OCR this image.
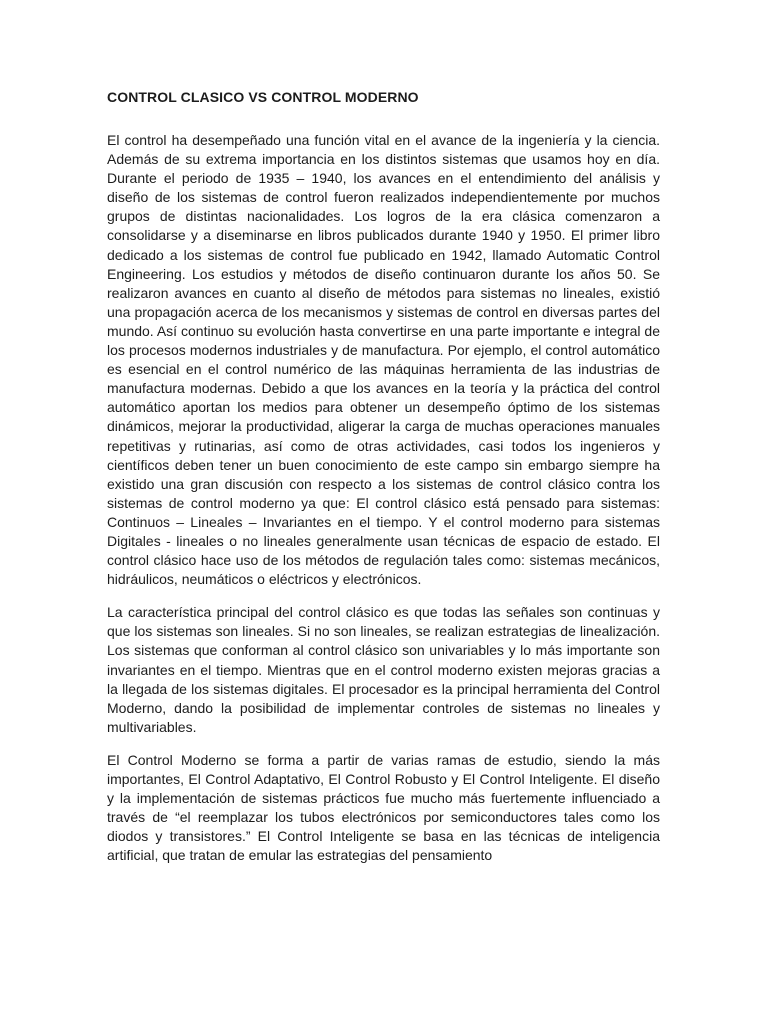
CONTROL CLASICO VS CONTROL MODERNO

El control ha desempeñado una función vital en el avance de la ingeniería y la ciencia. Además de su extrema importancia en los distintos sistemas que usamos hoy en día. Durante el periodo de 1935 – 1940, los avances en el entendimiento del análisis y diseño de los sistemas de control fueron realizados independientemente por muchos grupos de distintas nacionalidades. Los logros de la era clásica comenzaron a consolidarse y a diseminarse en libros publicados durante 1940 y 1950. El primer libro dedicado a los sistemas de control fue publicado en 1942, llamado Automatic Control Engineering. Los estudios y métodos de diseño continuaron durante los años 50. Se realizaron avances en cuanto al diseño de métodos para sistemas no lineales, existió una propagación acerca de los mecanismos y sistemas de control en diversas partes del mundo. Así continuo su evolución hasta convertirse en una parte importante e integral de los procesos modernos industriales y de manufactura. Por ejemplo, el control automático es esencial en el control numérico de las máquinas herramienta de las industrias de manufactura modernas. Debido a que los avances en la teoría y la práctica del control automático aportan los medios para obtener un desempeño óptimo de los sistemas dinámicos, mejorar la productividad, aligerar la carga de muchas operaciones manuales repetitivas y rutinarias, así como de otras actividades, casi todos los ingenieros y científicos deben tener un buen conocimiento de este campo sin embargo siempre ha existido una gran discusión con respecto a los sistemas de control clásico contra los sistemas de control moderno ya que: El control clásico está pensado para sistemas: Continuos – Lineales – Invariantes en el tiempo. Y el control moderno para sistemas Digitales - lineales o no lineales generalmente usan técnicas de espacio de estado. El control clásico hace uso de los métodos de regulación tales como: sistemas mecánicos, hidráulicos, neumáticos o eléctricos y electrónicos.

La característica principal del control clásico es que todas las señales son continuas y que los sistemas son lineales. Si no son lineales, se realizan estrategias de linealización. Los sistemas que conforman al control clásico son univariables y lo más importante son invariantes en el tiempo. Mientras que en el control moderno existen mejoras gracias a la llegada de los sistemas digitales. El procesador es la principal herramienta del Control Moderno, dando la posibilidad de implementar controles de sistemas no lineales y multivariables.

El Control Moderno se forma a partir de varias ramas de estudio, siendo la más importantes, El Control Adaptativo, El Control Robusto y El Control Inteligente. El diseño y la implementación de sistemas prácticos fue mucho más fuertemente influenciado a través de “el reemplazar los tubos electrónicos por semiconductores tales como los diodos y transistores.” El Control Inteligente se basa en las técnicas de inteligencia artificial, que tratan de emular las estrategias del pensamiento
